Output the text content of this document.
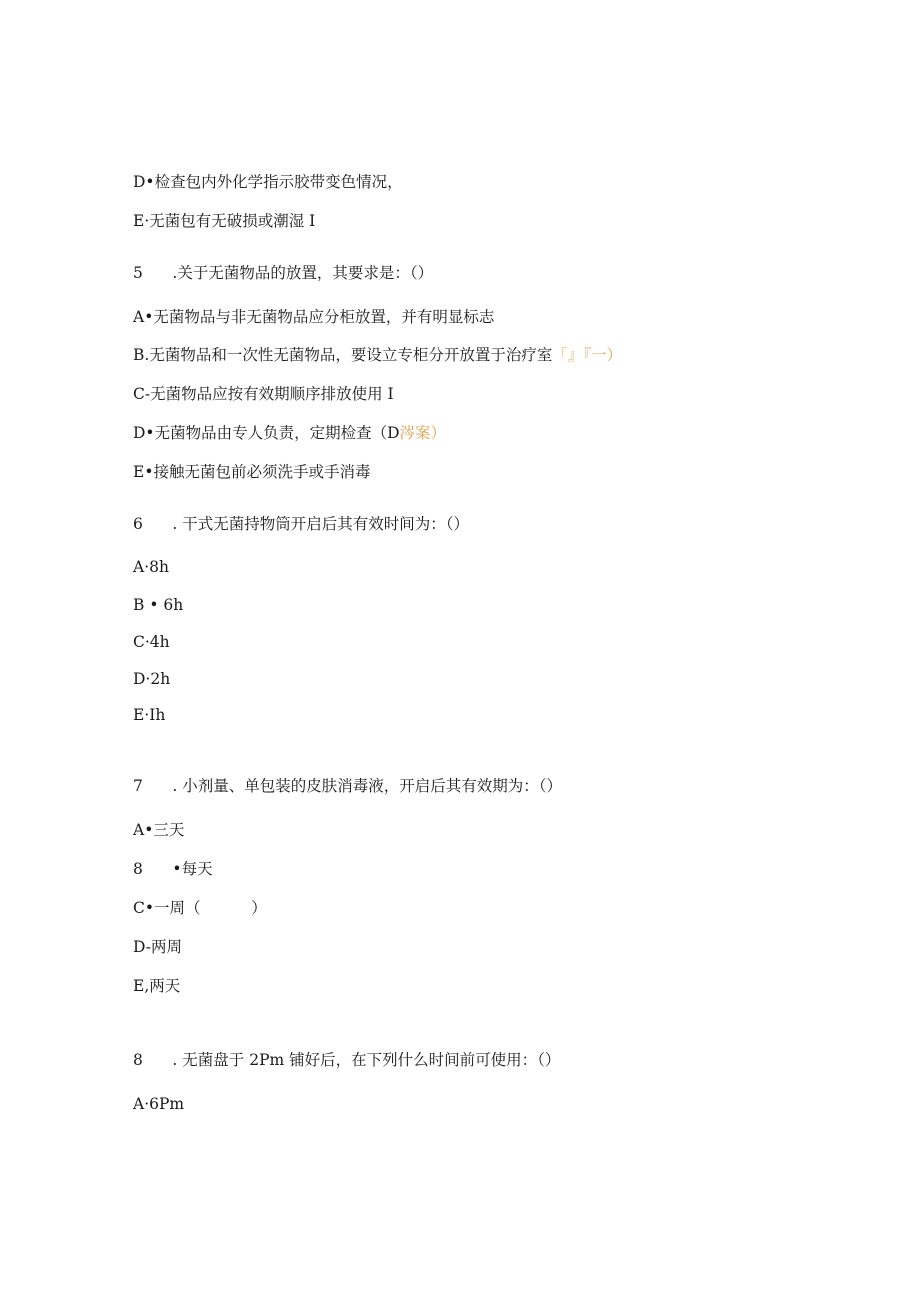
D•检查包内外化学指示胶带变色情况，
E·无菌包有无破损或潮湿 I
5	.关于无菌物品的放置，其要求是：（）
A•无菌物品与非无菌物品应分柜放置，并有明显标志
B.无菌物品和一次性无菌物品，要设立专柜分开放置于治疗室「』『一）
C-无菌物品应按有效期顺序排放使用 I
D•无菌物品由专人负责，定期检查（D涔案）
E•接触无菌包前必须洗手或手消毒
6	. 干式无菌持物筒开启后其有效时间为：（）
A·8h
B • 6h
C·4h
D·2h
E·Ih
7	. 小剂量、单包装的皮肤消毒液，开启后其有效期为：（）
A•三天
8	•每天
C•一周（		）
D-两周
E,两天
8	. 无菌盘于 2Pm 铺好后，在下列什么时间前可使用：（）
A·6Pm
